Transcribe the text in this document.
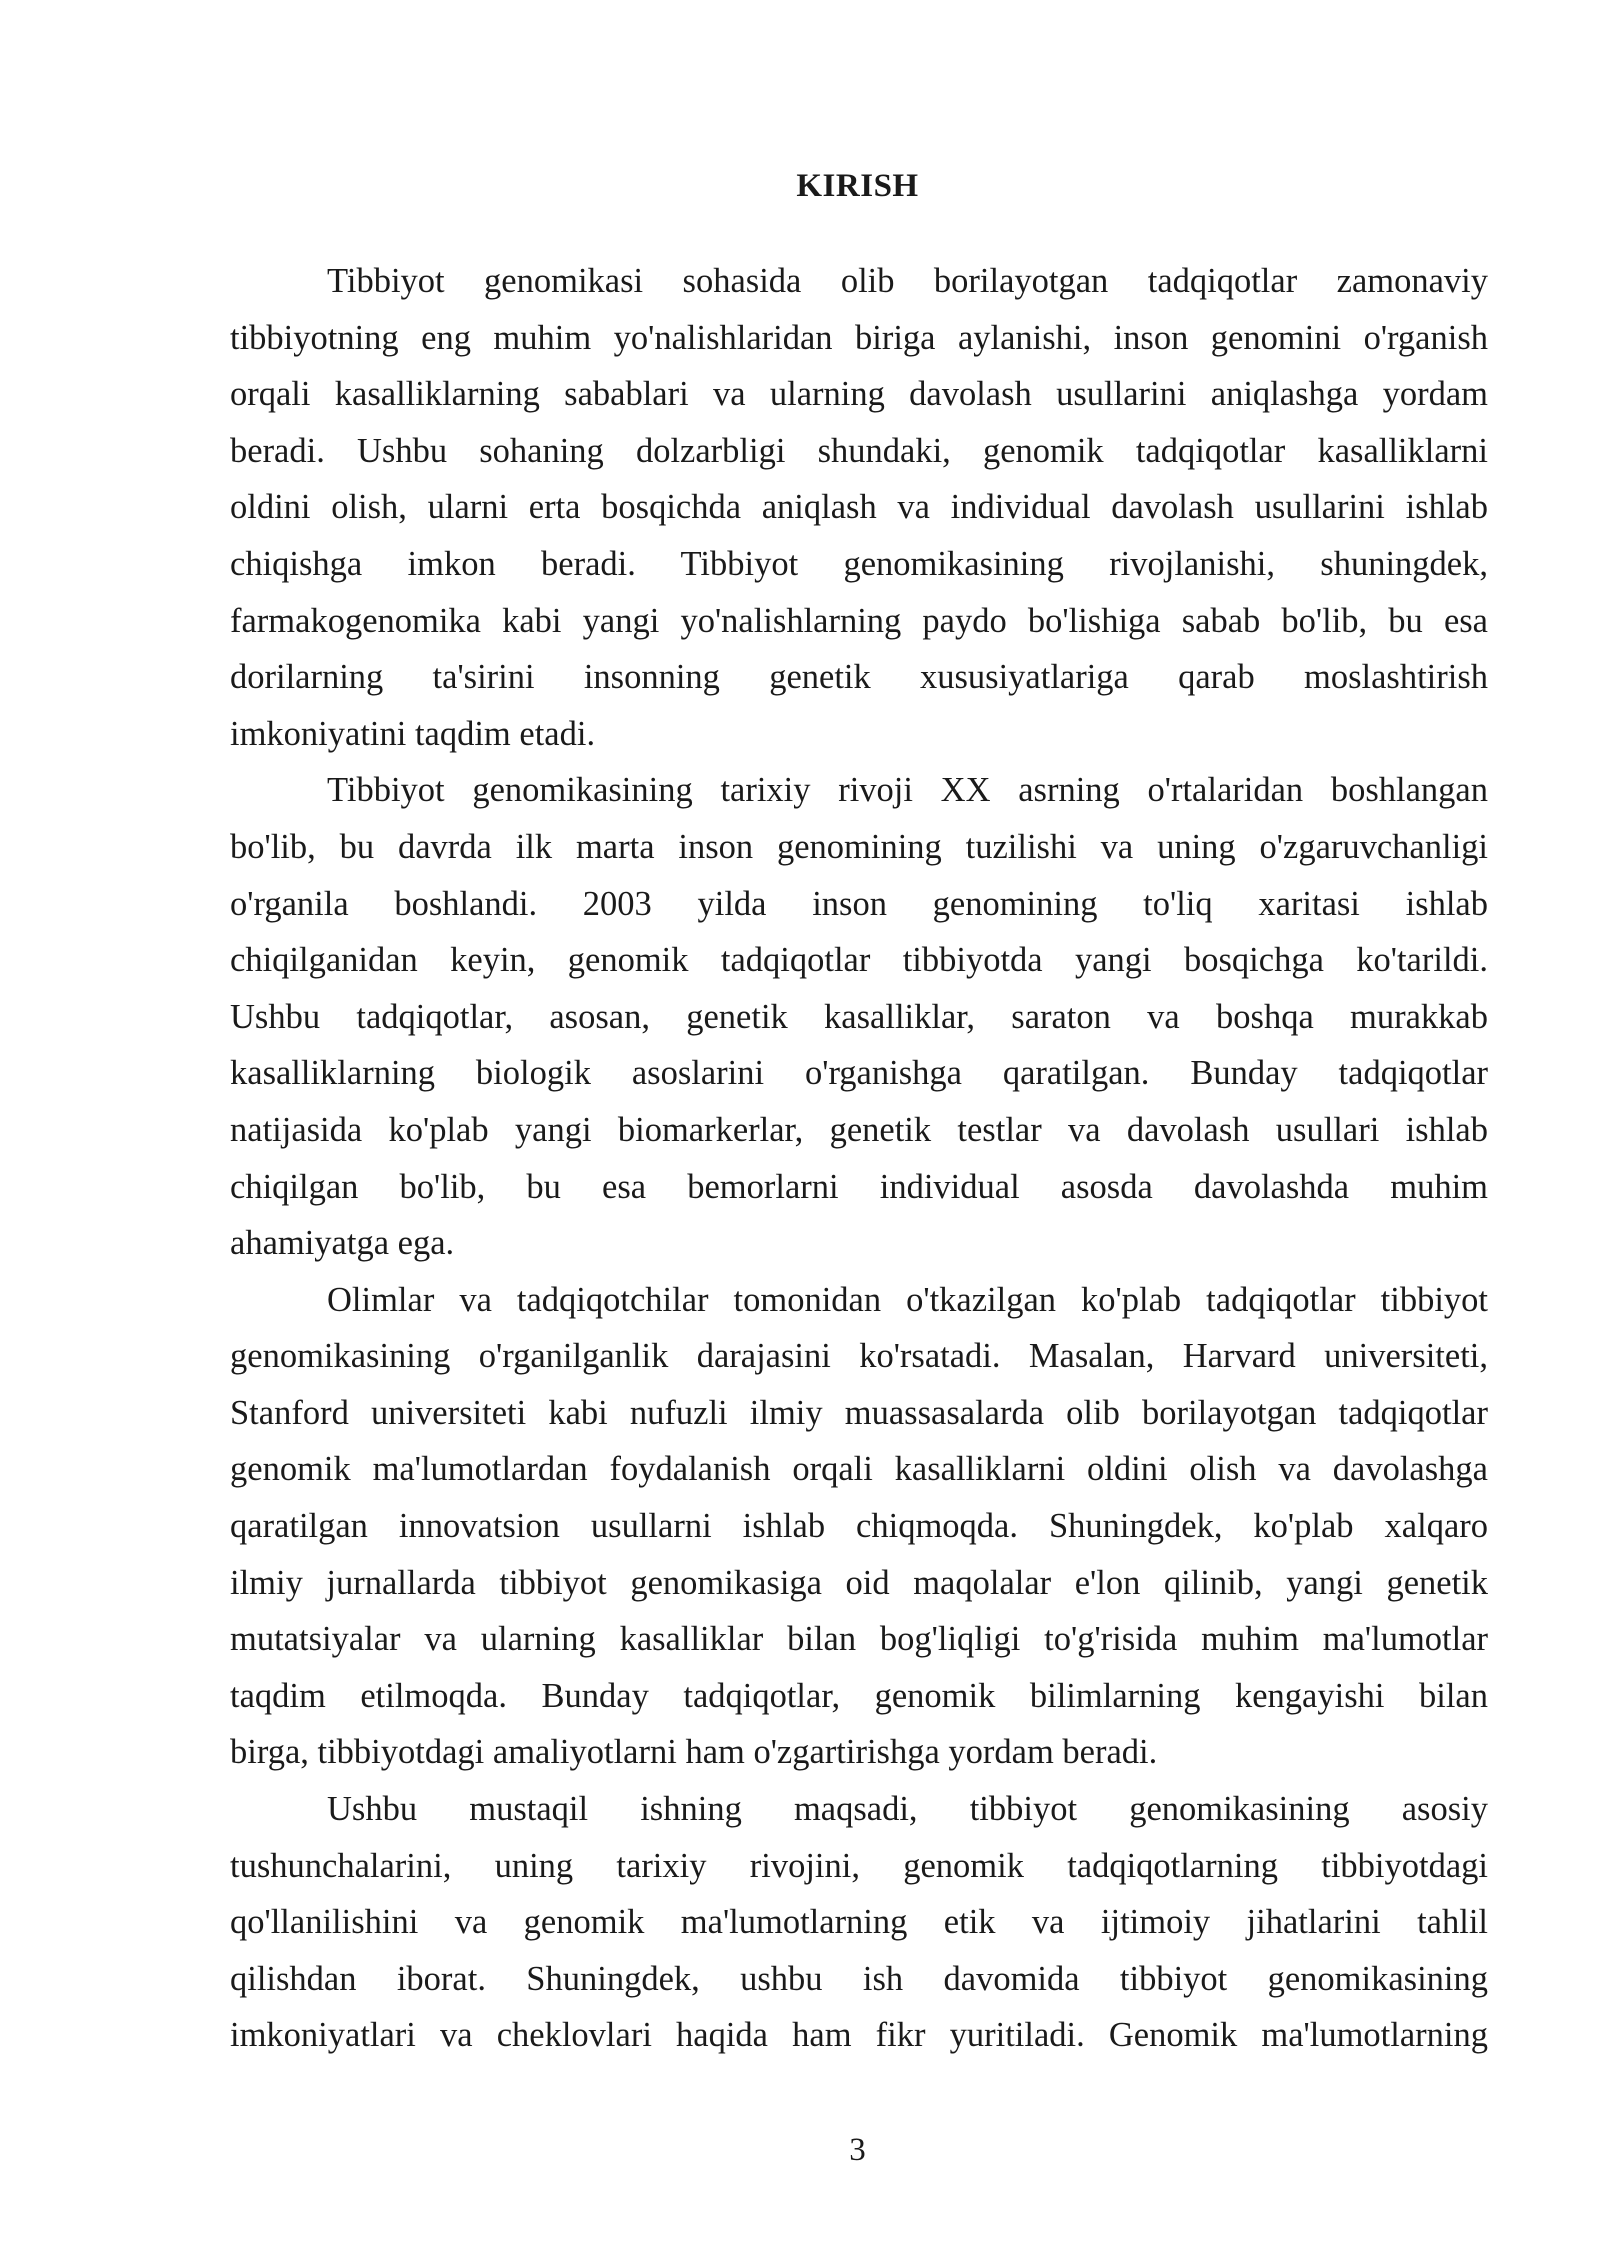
KIRISH

Tibbiyot genomikasi sohasida olib borilayotgan tadqiqotlar zamonaviy
tibbiyotning eng muhim yo'nalishlaridan biriga aylanishi, inson genomini o'rganish
orqali kasalliklarning sabablari va ularning davolash usullarini aniqlashga yordam
beradi. Ushbu sohaning dolzarbligi shundaki, genomik tadqiqotlar kasalliklarni
oldini olish, ularni erta bosqichda aniqlash va individual davolash usullarini ishlab
chiqishga imkon beradi. Tibbiyot genomikasining rivojlanishi, shuningdek,
farmakogenomika kabi yangi yo'nalishlarning paydo bo'lishiga sabab bo'lib, bu esa
dorilarning ta'sirini insonning genetik xususiyatlariga qarab moslashtirish
imkoniyatini taqdim etadi.

Tibbiyot genomikasining tarixiy rivoji XX asrning o'rtalaridan boshlangan
bo'lib, bu davrda ilk marta inson genomining tuzilishi va uning o'zgaruvchanligi
o'rganila boshlandi. 2003 yilda inson genomining to'liq xaritasi ishlab
chiqilganidan keyin, genomik tadqiqotlar tibbiyotda yangi bosqichga ko'tarildi.
Ushbu tadqiqotlar, asosan, genetik kasalliklar, saraton va boshqa murakkab
kasalliklarning biologik asoslarini o'rganishga qaratilgan. Bunday tadqiqotlar
natijasida ko'plab yangi biomarkerlar, genetik testlar va davolash usullari ishlab
chiqilgan bo'lib, bu esa bemorlarni individual asosda davolashda muhim
ahamiyatga ega.

Olimlar va tadqiqotchilar tomonidan o'tkazilgan ko'plab tadqiqotlar tibbiyot
genomikasining o'rganilganlik darajasini ko'rsatadi. Masalan, Harvard universiteti,
Stanford universiteti kabi nufuzli ilmiy muassasalarda olib borilayotgan tadqiqotlar
genomik ma'lumotlardan foydalanish orqali kasalliklarni oldini olish va davolashga
qaratilgan innovatsion usullarni ishlab chiqmoqda. Shuningdek, ko'plab xalqaro
ilmiy jurnallarda tibbiyot genomikasiga oid maqolalar e'lon qilinib, yangi genetik
mutatsiyalar va ularning kasalliklar bilan bog'liqligi to'g'risida muhim ma'lumotlar
taqdim etilmoqda. Bunday tadqiqotlar, genomik bilimlarning kengayishi bilan
birga, tibbiyotdagi amaliyotlarni ham o'zgartirishga yordam beradi.

Ushbu mustaqil ishning maqsadi, tibbiyot genomikasining asosiy
tushunchalarini, uning tarixiy rivojini, genomik tadqiqotlarning tibbiyotdagi
qo'llanilishini va genomik ma'lumotlarning etik va ijtimoiy jihatlarini tahlil
qilishdan iborat. Shuningdek, ushbu ish davomida tibbiyot genomikasining
imkoniyatlari va cheklovlari haqida ham fikr yuritiladi. Genomik ma'lumotlarning

3
